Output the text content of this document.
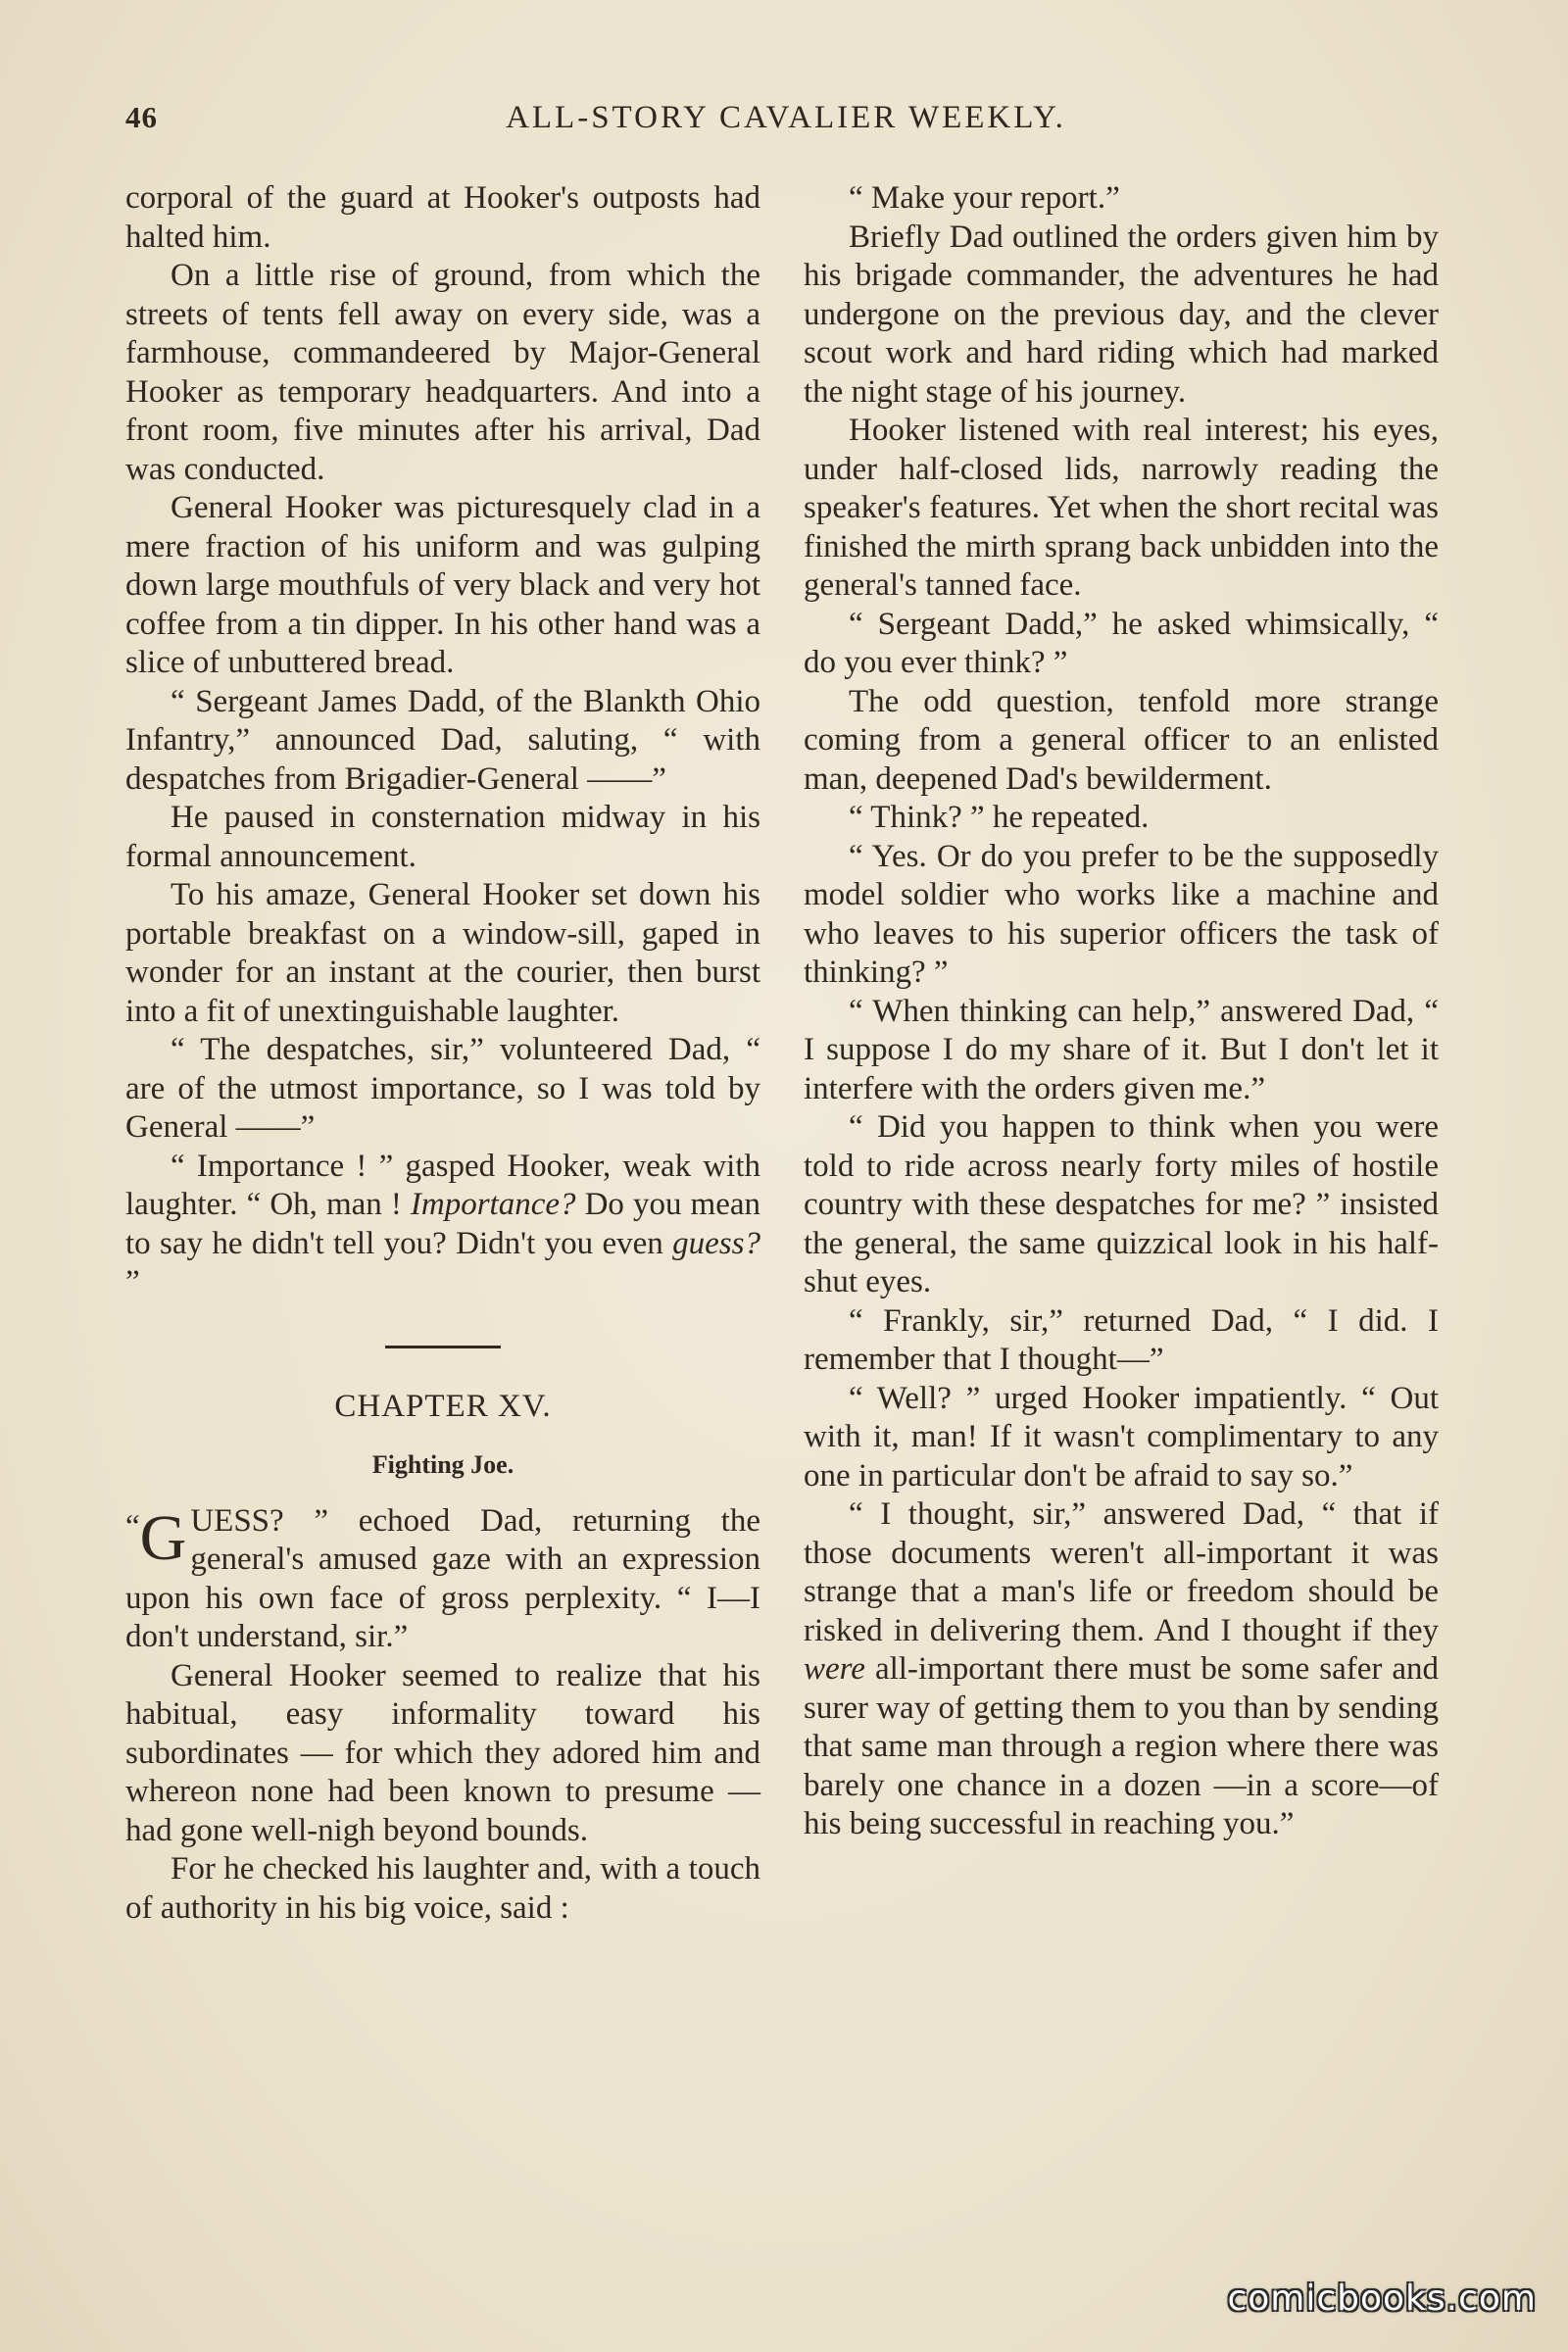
46	ALL-STORY CAVALIER WEEKLY.

corporal of the guard at Hooker's outposts had halted him.

On a little rise of ground, from which the streets of tents fell away on every side, was a farmhouse, commandeered by Major-General Hooker as temporary headquarters. And into a front room, five minutes after his arrival, Dad was conducted.

General Hooker was picturesquely clad in a mere fraction of his uniform and was gulping down large mouthfuls of very black and very hot coffee from a tin dipper. In his other hand was a slice of unbuttered bread.

“ Sergeant James Dadd, of the Blankth Ohio Infantry,” announced Dad, saluting, “ with despatches from Brigadier-General ——”

He paused in consternation midway in his formal announcement.

To his amaze, General Hooker set down his portable breakfast on a window-sill, gaped in wonder for an instant at the courier, then burst into a fit of unextinguishable laughter.

“ The despatches, sir,” volunteered Dad, “ are of the utmost importance, so I was told by General ——”

“ Importance ! ” gasped Hooker, weak with laughter. “ Oh, man ! Importance? Do you mean to say he didn't tell you? Didn't you even guess? ”

CHAPTER XV.

Fighting Joe.

“ G UESS? ” echoed Dad, returning the general's amused gaze with an expression upon his own face of gross perplexity. “ I—I don't understand, sir.”

General Hooker seemed to realize that his habitual, easy informality toward his subordinates — for which they adored him and whereon none had been known to presume — had gone well-nigh beyond bounds.

For he checked his laughter and, with a touch of authority in his big voice, said :

“ Make your report.”

Briefly Dad outlined the orders given him by his brigade commander, the adventures he had undergone on the previous day, and the clever scout work and hard riding which had marked the night stage of his journey.

Hooker listened with real interest; his eyes, under half-closed lids, narrowly reading the speaker's features. Yet when the short recital was finished the mirth sprang back unbidden into the general's tanned face.

“ Sergeant Dadd,” he asked whimsically, “ do you ever think? ”

The odd question, tenfold more strange coming from a general officer to an enlisted man, deepened Dad's bewilderment.

“ Think? ” he repeated.

“ Yes. Or do you prefer to be the supposedly model soldier who works like a machine and who leaves to his superior officers the task of thinking? ”

“ When thinking can help,” answered Dad, “ I suppose I do my share of it. But I don't let it interfere with the orders given me.”

“ Did you happen to think when you were told to ride across nearly forty miles of hostile country with these despatches for me? ” insisted the general, the same quizzical look in his half-shut eyes.

“ Frankly, sir,” returned Dad, “ I did. I remember that I thought—”

“ Well? ” urged Hooker impatiently. “ Out with it, man! If it wasn't complimentary to any one in particular don't be afraid to say so.”

“ I thought, sir,” answered Dad, “ that if those documents weren't all-important it was strange that a man's life or freedom should be risked in delivering them. And I thought if they were all-important there must be some safer and surer way of getting them to you than by sending that same man through a region where there was barely one chance in a dozen —in a score—of his being successful in reaching you.”

comicbooks.com
